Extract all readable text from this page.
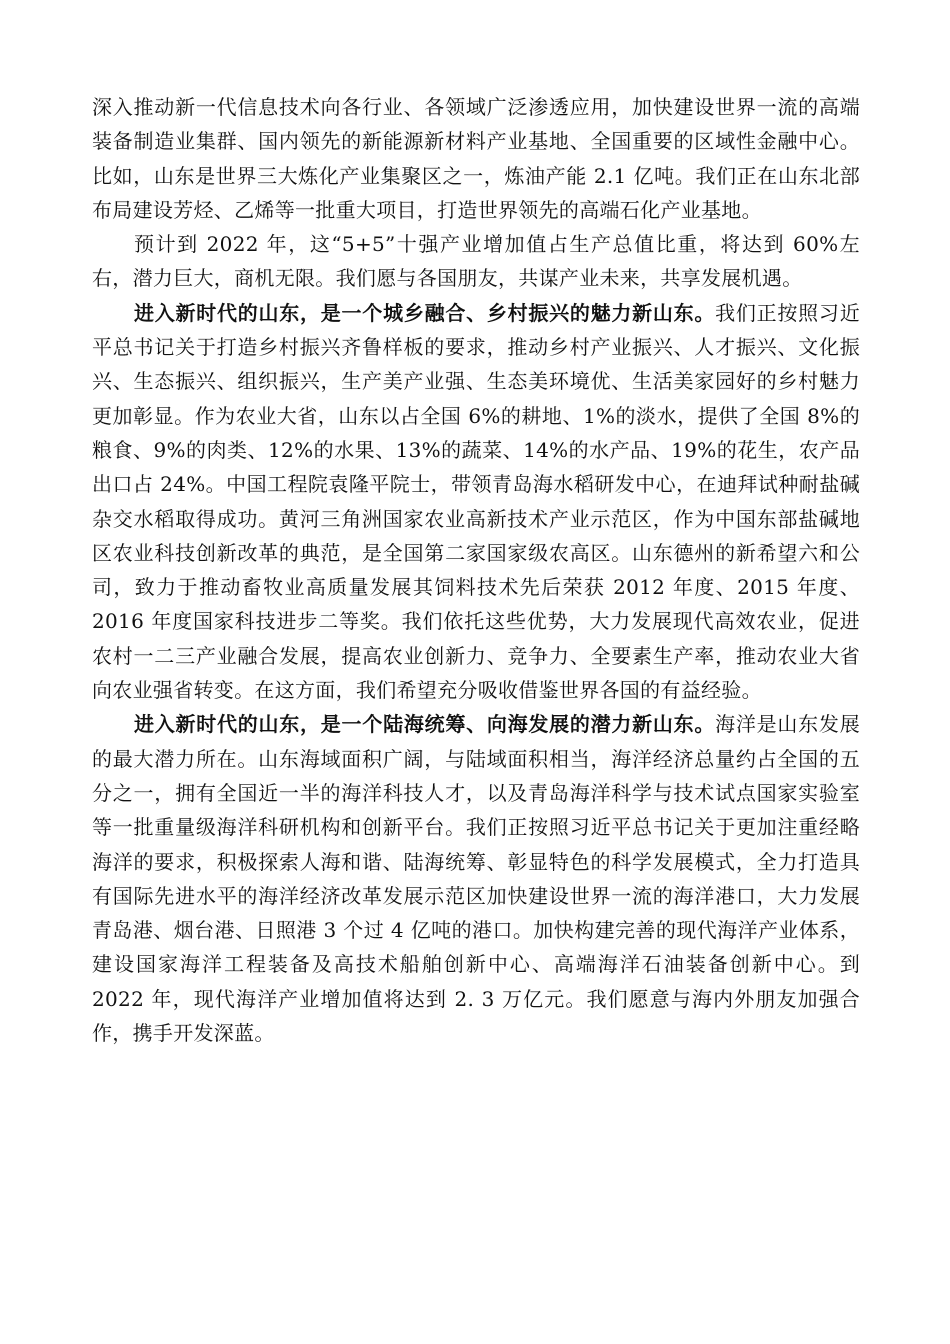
深入推动新一代信息技术向各行业、各领域广泛渗透应用，加快建设世界一流的高端装备制造业集群、国内领先的新能源新材料产业基地、全国重要的区域性金融中心。比如，山东是世界三大炼化产业集聚区之一，炼油产能 2.1 亿吨。我们正在山东北部布局建设芳烃、乙烯等一批重大项目，打造世界领先的高端石化产业基地。

预计到 2022 年，这“5+5”十强产业增加值占生产总值比重，将达到 60%左右，潜力巨大，商机无限。我们愿与各国朋友，共谋产业未来，共享发展机遇。

进入新时代的山东，是一个城乡融合、乡村振兴的魅力新山东。我们正按照习近平总书记关于打造乡村振兴齐鲁样板的要求，推动乡村产业振兴、人才振兴、文化振兴、生态振兴、组织振兴，生产美产业强、生态美环境优、生活美家园好的乡村魅力更加彰显。作为农业大省，山东以占全国 6%的耕地、1%的淡水，提供了全国 8%的粮食、9%的肉类、12%的水果、13%的蔬菜、14%的水产品、19%的花生，农产品出口占 24%。中国工程院袁隆平院士，带领青岛海水稻研发中心，在迪拜试种耐盐碱杂交水稻取得成功。黄河三角洲国家农业高新技术产业示范区，作为中国东部盐碱地区农业科技创新改革的典范，是全国第二家国家级农高区。山东德州的新希望六和公司，致力于推动畜牧业高质量发展其饲料技术先后荣获 2012 年度、2015 年度、2016 年度国家科技进步二等奖。我们依托这些优势，大力发展现代高效农业，促进农村一二三产业融合发展，提高农业创新力、竞争力、全要素生产率，推动农业大省向农业强省转变。在这方面，我们希望充分吸收借鉴世界各国的有益经验。

进入新时代的山东，是一个陆海统筹、向海发展的潜力新山东。海洋是山东发展的最大潜力所在。山东海域面积广阔，与陆域面积相当，海洋经济总量约占全国的五分之一，拥有全国近一半的海洋科技人才，以及青岛海洋科学与技术试点国家实验室等一批重量级海洋科研机构和创新平台。我们正按照习近平总书记关于更加注重经略海洋的要求，积极探索人海和谐、陆海统筹、彰显特色的科学发展模式，全力打造具有国际先进水平的海洋经济改革发展示范区加快建设世界一流的海洋港口，大力发展青岛港、烟台港、日照港 3 个过 4 亿吨的港口。加快构建完善的现代海洋产业体系，建设国家海洋工程装备及高技术船舶创新中心、高端海洋石油装备创新中心。到 2022 年，现代海洋产业增加值将达到 2. 3 万亿元。我们愿意与海内外朋友加强合作，携手开发深蓝。
